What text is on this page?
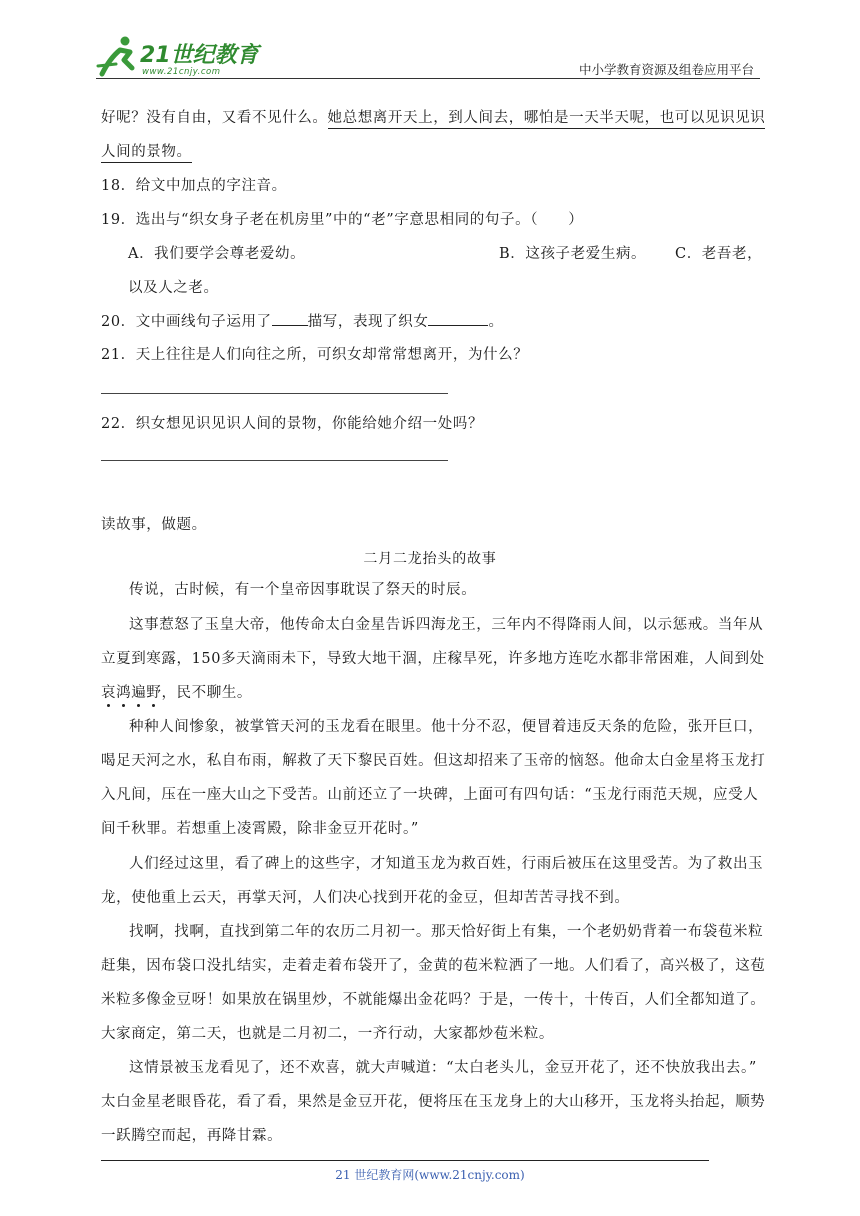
21世纪教育
www.21cnjy.com	中小学教育资源及组卷应用平台
好呢？没有自由，又看不见什么。她总想离开天上，到人间去，哪怕是一天半天呢，也可以见识见识
人间的景物。
18．给文中加点的字注音。
19．选出与“织女身子老在机房里”中的“老”字意思相同的句子。（　　）
A．我们要学会尊老爱幼。	B．这孩子老爱生病。 C．老吾老，
以及人之老。
20．文中画线句子运用了 描写，表现了织女	。
21．天上往往是人们向往之所，可织女却常常想离开，为什么？
22．织女想见识见识人间的景物，你能给她介绍一处吗？
读故事，做题。
二月二龙抬头的故事
传说，古时候，有一个皇帝因事耽误了祭天的时辰。
这事惹怒了玉皇大帝，他传命太白金星告诉四海龙王，三年内不得降雨人间，以示惩戒。当年从
立夏到寒露，150多天滴雨未下，导致大地干涸，庄稼旱死，许多地方连吃水都非常困难，人间到处
哀鸿遍野，民不聊生。
种种人间惨象，被掌管天河的玉龙看在眼里。他十分不忍，便冒着违反天条的危险，张开巨口，
喝足天河之水，私自布雨，解救了天下黎民百姓。但这却招来了玉帝的恼怒。他命太白金星将玉龙打
入凡间，压在一座大山之下受苦。山前还立了一块碑，上面可有四句话：“玉龙行雨范天规，应受人
间千秋罪。若想重上凌霄殿，除非金豆开花时。”
人们经过这里，看了碑上的这些字，才知道玉龙为救百姓，行雨后被压在这里受苦。为了救出玉
龙，使他重上云天，再掌天河，人们决心找到开花的金豆，但却苦苦寻找不到。
找啊，找啊，直找到第二年的农历二月初一。那天恰好街上有集，一个老奶奶背着一布袋苞米粒
赶集，因布袋口没扎结实，走着走着布袋开了，金黄的苞米粒洒了一地。人们看了，高兴极了，这苞
米粒多像金豆呀！如果放在锅里炒，不就能爆出金花吗？于是，一传十，十传百，人们全都知道了。
大家商定，第二天，也就是二月初二，一齐行动，大家都炒苞米粒。
这情景被玉龙看见了，还不欢喜，就大声喊道：“太白老头儿，金豆开花了，还不快放我出去。”
太白金星老眼昏花，看了看，果然是金豆开花，便将压在玉龙身上的大山移开，玉龙将头抬起，顺势
一跃腾空而起，再降甘霖。
21 世纪教育网(www.21cnjy.com)
